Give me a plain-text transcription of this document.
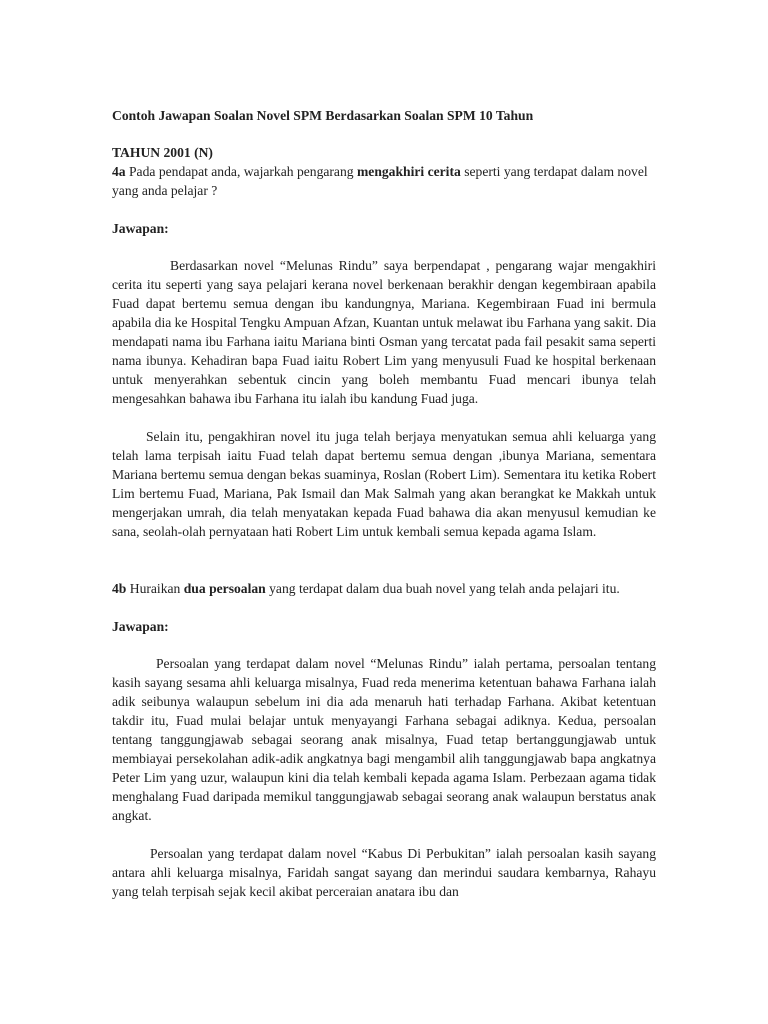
Contoh Jawapan Soalan Novel SPM Berdasarkan Soalan SPM 10 Tahun

TAHUN 2001 (N)

4a Pada pendapat anda, wajarkah pengarang mengakhiri cerita seperti yang terdapat dalam novel yang anda pelajar ?

Jawapan:

Berdasarkan novel “Melunas Rindu” saya berpendapat , pengarang wajar mengakhiri cerita itu seperti yang saya pelajari kerana novel berkenaan berakhir dengan kegembiraan apabila Fuad dapat bertemu semua dengan ibu kandungnya, Mariana. Kegembiraan Fuad ini bermula apabila dia ke Hospital Tengku Ampuan Afzan, Kuantan untuk melawat ibu Farhana yang sakit. Dia mendapati nama ibu Farhana iaitu Mariana binti Osman yang tercatat pada fail pesakit sama seperti nama ibunya. Kehadiran bapa Fuad iaitu Robert Lim yang menyusuli Fuad ke hospital berkenaan untuk menyerahkan sebentuk cincin yang boleh membantu Fuad mencari ibunya telah mengesahkan bahawa ibu Farhana itu ialah ibu kandung Fuad juga.

Selain itu, pengakhiran novel itu juga telah berjaya menyatukan semua ahli keluarga yang telah lama terpisah iaitu Fuad telah dapat bertemu semua dengan ,ibunya Mariana, sementara Mariana bertemu semua dengan bekas suaminya, Roslan (Robert Lim). Sementara itu ketika Robert Lim bertemu Fuad, Mariana, Pak Ismail dan Mak Salmah yang akan berangkat ke Makkah untuk mengerjakan umrah, dia telah menyatakan kepada Fuad bahawa dia akan menyusul kemudian ke sana, seolah-olah pernyataan hati Robert Lim untuk kembali semua kepada agama Islam.

4b Huraikan dua persoalan yang terdapat dalam dua buah novel yang telah anda pelajari itu.

Jawapan:

Persoalan yang terdapat dalam novel “Melunas Rindu” ialah pertama, persoalan tentang kasih sayang sesama ahli keluarga misalnya, Fuad reda menerima ketentuan bahawa Farhana ialah adik seibunya walaupun sebelum ini dia ada menaruh hati terhadap Farhana. Akibat ketentuan takdir itu, Fuad mulai belajar untuk menyayangi Farhana sebagai adiknya. Kedua, persoalan tentang tanggungjawab sebagai seorang anak misalnya, Fuad tetap bertanggungjawab untuk membiayai persekolahan adik-adik angkatnya bagi mengambil alih tanggungjawab bapa angkatnya Peter Lim yang uzur, walaupun kini dia telah kembali kepada agama Islam. Perbezaan agama tidak menghalang Fuad daripada memikul tanggungjawab sebagai seorang anak walaupun berstatus anak angkat.

Persoalan yang terdapat dalam novel “Kabus Di Perbukitan” ialah persoalan kasih sayang antara ahli keluarga misalnya, Faridah sangat sayang dan merindui saudara kembarnya, Rahayu yang telah terpisah sejak kecil akibat perceraian anatara ibu dan
